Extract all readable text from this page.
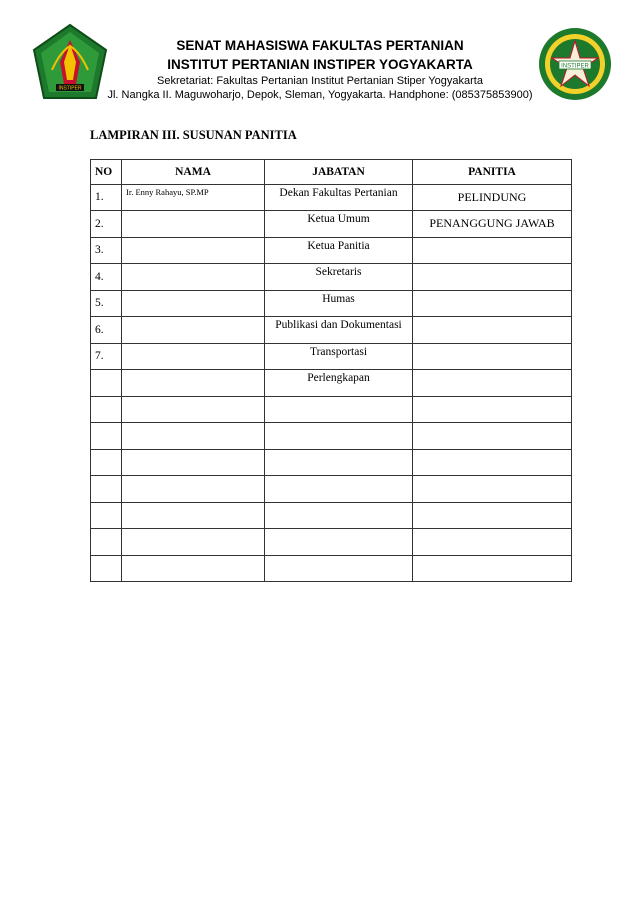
INSTIPER
INSTIPER
SENAT MAHASISWA FAKULTAS PERTANIAN
INSTITUT PERTANIAN INSTIPER YOGYAKARTA
Sekretariat: Fakultas Pertanian Institut Pertanian Stiper Yogyakarta
Jl. Nangka II. Maguwoharjo, Depok, Sleman, Yogyakarta. Handphone: (085375853900)
LAMPIRAN III. SUSUNAN PANITIA
NO	NAMA	JABATAN	PANITIA
1.	Ir. Enny Rahayu, SP.MP	Dekan Fakultas Pertanian	PELINDUNG
2.		Ketua Umum	PENANGGUNG JAWAB
3.		Ketua Panitia	
4.		Sekretaris	
5.		Humas	
6.		Publikasi dan Dokumentasi	
7.		Transportasi	
		Perlengkapan	
